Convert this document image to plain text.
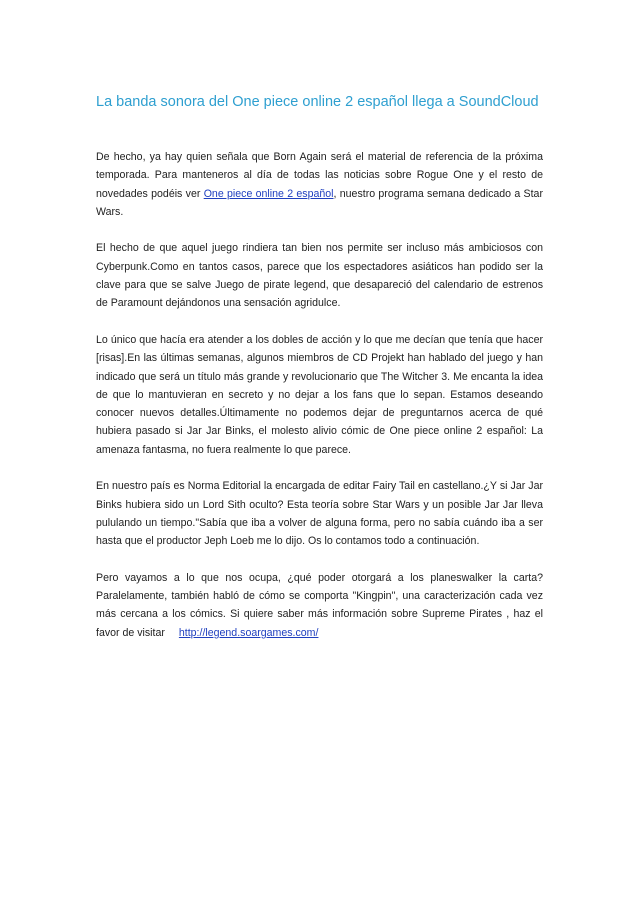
La banda sonora del One piece online 2 español llega a SoundCloud

De hecho, ya hay quien señala que Born Again será el material de referencia de la próxima temporada. Para manteneros al día de todas las noticias sobre Rogue One y el resto de novedades podéis ver One piece online 2 español, nuestro programa semana dedicado a Star Wars.

El hecho de que aquel juego rindiera tan bien nos permite ser incluso más ambiciosos con Cyberpunk.Como en tantos casos, parece que los espectadores asiáticos han podido ser la clave para que se salve Juego de pirate legend, que desapareció del calendario de estrenos de Paramount dejándonos una sensación agridulce.

Lo único que hacía era atender a los dobles de acción y lo que me decían que tenía que hacer [risas].En las últimas semanas, algunos miembros de CD Projekt han hablado del juego y han indicado que será un título más grande y revolucionario que The Witcher 3. Me encanta la idea de que lo mantuvieran en secreto y no dejar a los fans que lo sepan. Estamos deseando conocer nuevos detalles.Últimamente no podemos dejar de preguntarnos acerca de qué hubiera pasado si Jar Jar Binks, el molesto alivio cómic de One piece online 2 español: La amenaza fantasma, no fuera realmente lo que parece.

En nuestro país es Norma Editorial la encargada de editar Fairy Tail en castellano.¿Y si Jar Jar Binks hubiera sido un Lord Sith oculto? Esta teoría sobre Star Wars y un posible Jar Jar lleva pululando un tiempo."Sabía que iba a volver de alguna forma, pero no sabía cuándo iba a ser hasta que el productor Jeph Loeb me lo dijo. Os lo contamos todo a continuación.

Pero vayamos a lo que nos ocupa, ¿qué poder otorgará a los planeswalker la carta?Paralelamente, también habló de cómo se comporta "Kingpin", una caracterización cada vez más cercana a los cómics. Si quiere saber más información sobre Supreme Pirates , haz el favor de visitar http://legend.soargames.com/
